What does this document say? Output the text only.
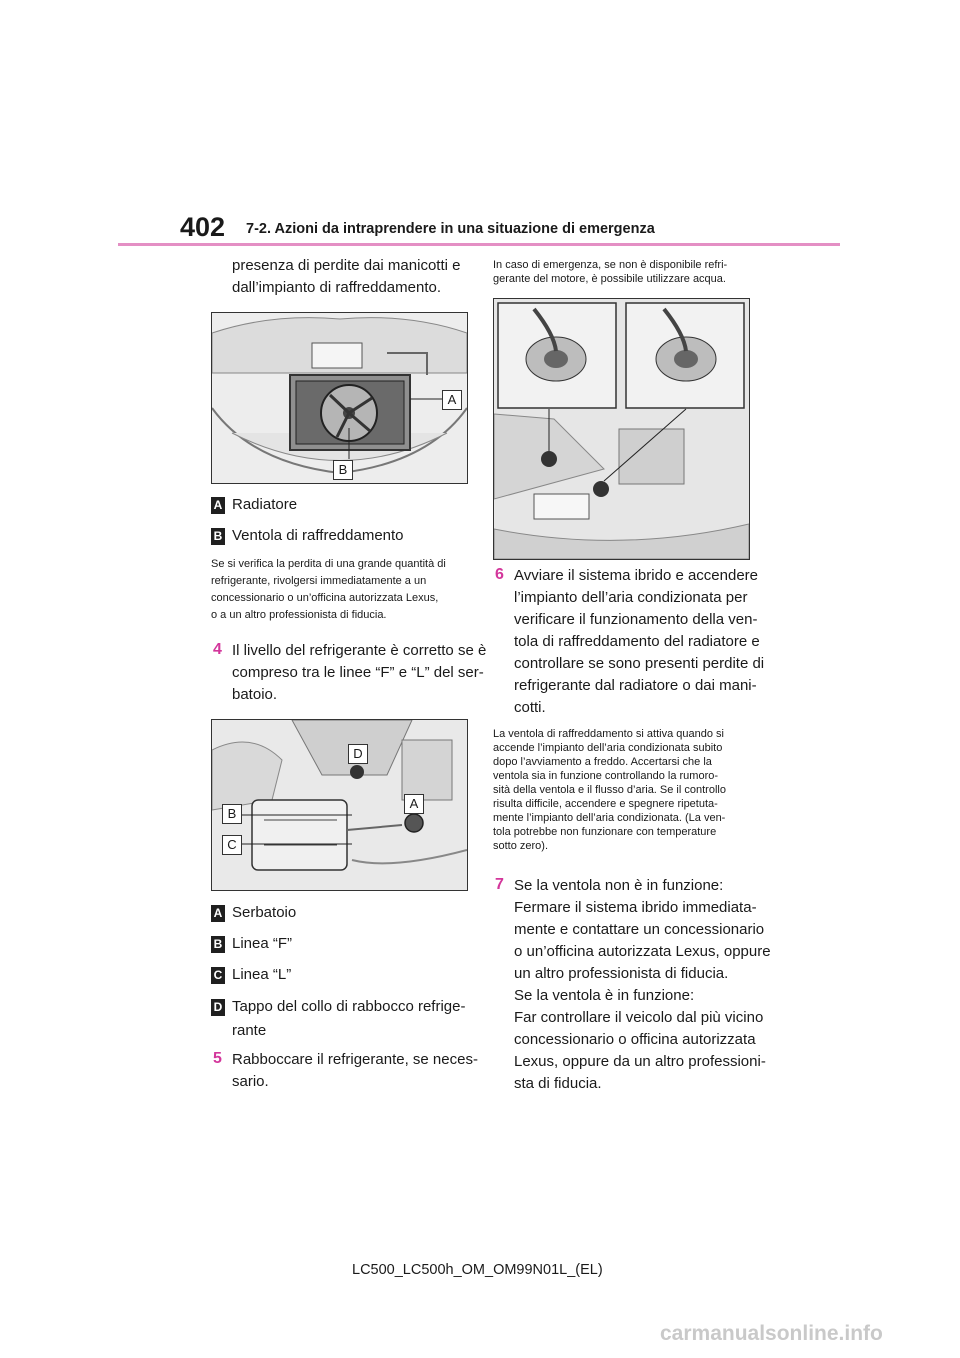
402 7-2. Azioni da intraprendere in una situazione di emergenza
presenza di perdite dai manicotti e
dall’impianto di raffreddamento.
A
B
A Radiatore
B Ventola di raffreddamento
Se si verifica la perdita di una grande quantità di
refrigerante, rivolgersi immediatamente a un
concessionario o un’officina autorizzata Lexus,
o a un altro professionista di fiducia.
4 Il livello del refrigerante è corretto se è
compreso tra le linee “F” e “L” del ser-
batoio.
D
A
B
C
A Serbatoio
B Linea “F”
C Linea “L”
D Tappo del collo di rabbocco refrige-
rante
5 Rabboccare il refrigerante, se neces-
sario.
In caso di emergenza, se non è disponibile refri-
gerante del motore, è possibile utilizzare acqua.
6 Avviare il sistema ibrido e accendere
l’impianto dell’aria condizionata per
verificare il funzionamento della ven-
tola di raffreddamento del radiatore e
controllare se sono presenti perdite di
refrigerante dal radiatore o dai mani-
cotti.
La ventola di raffreddamento si attiva quando si
accende l’impianto dell’aria condizionata subito
dopo l’avviamento a freddo. Accertarsi che la
ventola sia in funzione controllando la rumoro-
sità della ventola e il flusso d’aria. Se il controllo
risulta difficile, accendere e spegnere ripetuta-
mente l’impianto dell’aria condizionata. (La ven-
tola potrebbe non funzionare con temperature
sotto zero).
7 Se la ventola non è in funzione:
Fermare il sistema ibrido immediata-
mente e contattare un concessionario
o un’officina autorizzata Lexus, oppure
un altro professionista di fiducia.
Se la ventola è in funzione:
Far controllare il veicolo dal più vicino
concessionario o officina autorizzata
Lexus, oppure da un altro professioni-
sta di fiducia.
LC500_LC500h_OM_OM99N01L_(EL)
carmanualsonline.info
